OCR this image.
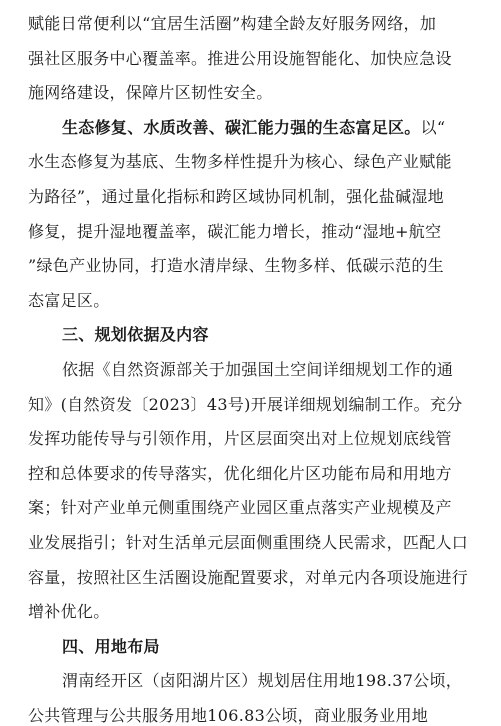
赋能日常便利以“宜居生活圈”构建全龄友好服务网络，加
强社区服务中心覆盖率。推进公用设施智能化、加快应急设
施网络建设，保障片区韧性安全。
生态修复、水质改善、碳汇能力强的生态富足区。以“
水生态修复为基底、生物多样性提升为核心、绿色产业赋能
为路径”，通过量化指标和跨区域协同机制，强化盐碱湿地
修复，提升湿地覆盖率，碳汇能力增长，推动“湿地+航空
”绿色产业协同，打造水清岸绿、生物多样、低碳示范的生
态富足区。
三、规划依据及内容
依据《自然资源部关于加强国土空间详细规划工作的通
知》(自然资发〔2023〕43号)开展详细规划编制工作。充分
发挥功能传导与引领作用，片区层面突出对上位规划底线管
控和总体要求的传导落实，优化细化片区功能布局和用地方
案；针对产业单元侧重围绕产业园区重点落实产业规模及产
业发展指引；针对生活单元层面侧重围绕人民需求，匹配人口
容量，按照社区生活圈设施配置要求，对单元内各项设施进行
增补优化。
四、用地布局
渭南经开区（卤阳湖片区）规划居住用地198.37公顷，
公共管理与公共服务用地106.83公顷，商业服务业用地
